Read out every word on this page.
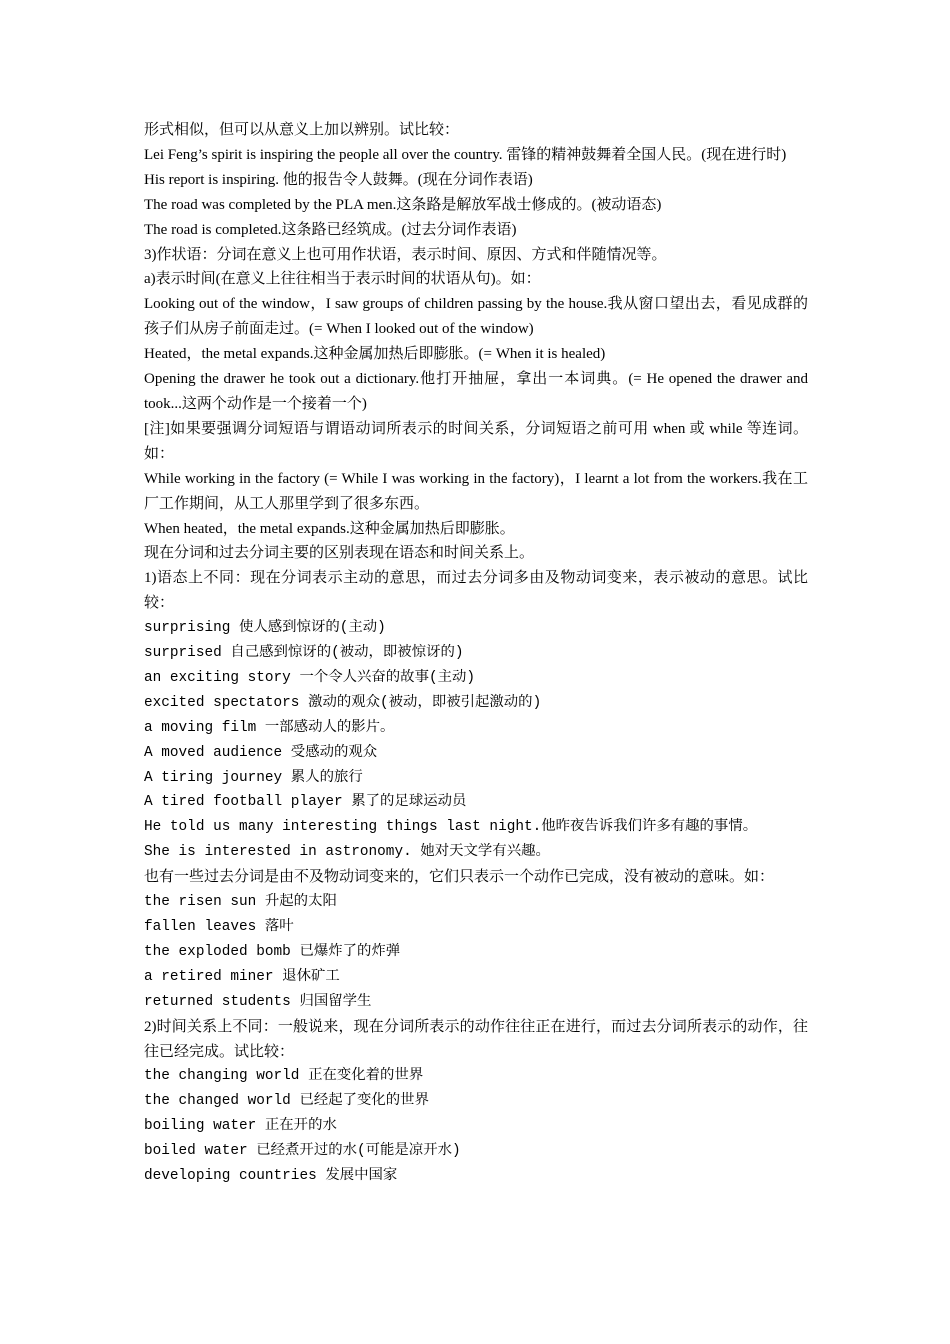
形式相似，但可以从意义上加以辨别。试比较：

Lei Feng’s spirit is inspiring the people all over the country. 雷锋的精神鼓舞着全国人民。(现在进行时)

His report is inspiring. 他的报告令人鼓舞。(现在分词作表语)

The road was completed by the PLA men.这条路是解放军战士修成的。(被动语态)

The road is completed.这条路已经筑成。(过去分词作表语)

3)作状语：分词在意义上也可用作状语，表示时间、原因、方式和伴随情况等。

a)表示时间(在意义上往往相当于表示时间的状语从句)。如：

Looking out of the window，I saw groups of children passing by the house.我从窗口望出去，看见成群的孩子们从房子前面走过。(= When I looked out of the window)

Heated，the metal expands.这种金属加热后即膨胀。(= When it is healed)

Opening the drawer he took out a dictionary.他打开抽屉，拿出一本词典。(= He opened the drawer and took...这两个动作是一个接着一个)

[注]如果要强调分词短语与谓语动词所表示的时间关系，分词短语之前可用 when 或 while 等连词。如：

While working in the factory (= While I was working in the factory)，I learnt a lot from the workers.我在工厂工作期间，从工人那里学到了很多东西。

When heated，the metal expands.这种金属加热后即膨胀。

现在分词和过去分词主要的区别表现在语态和时间关系上。

1)语态上不同：现在分词表示主动的意思，而过去分词多由及物动词变来，表示被动的意思。试比较：

surprising 使人感到惊讶的(主动)

surprised 自己感到惊讶的(被动，即被惊讶的)

an exciting story 一个令人兴奋的故事(主动)

excited spectators 激动的观众(被动，即被引起激动的)

a moving film 一部感动人的影片。

A moved audience 受感动的观众

A tiring journey 累人的旅行

A tired football player 累了的足球运动员

He told us many interesting things last night.他昨夜告诉我们许多有趣的事情。

She is interested in astronomy. 她对天文学有兴趣。

也有一些过去分词是由不及物动词变来的，它们只表示一个动作已完成，没有被动的意味。如：

the risen sun 升起的太阳

fallen leaves 落叶

the exploded bomb 已爆炸了的炸弹

a retired miner 退休矿工

returned students 归国留学生

2)时间关系上不同：一般说来，现在分词所表示的动作往往正在进行，而过去分词所表示的动作，往往已经完成。试比较：

the changing world 正在变化着的世界

the changed world 已经起了变化的世界

boiling water 正在开的水

boiled water 已经煮开过的水(可能是凉开水)

developing countries 发展中国家
